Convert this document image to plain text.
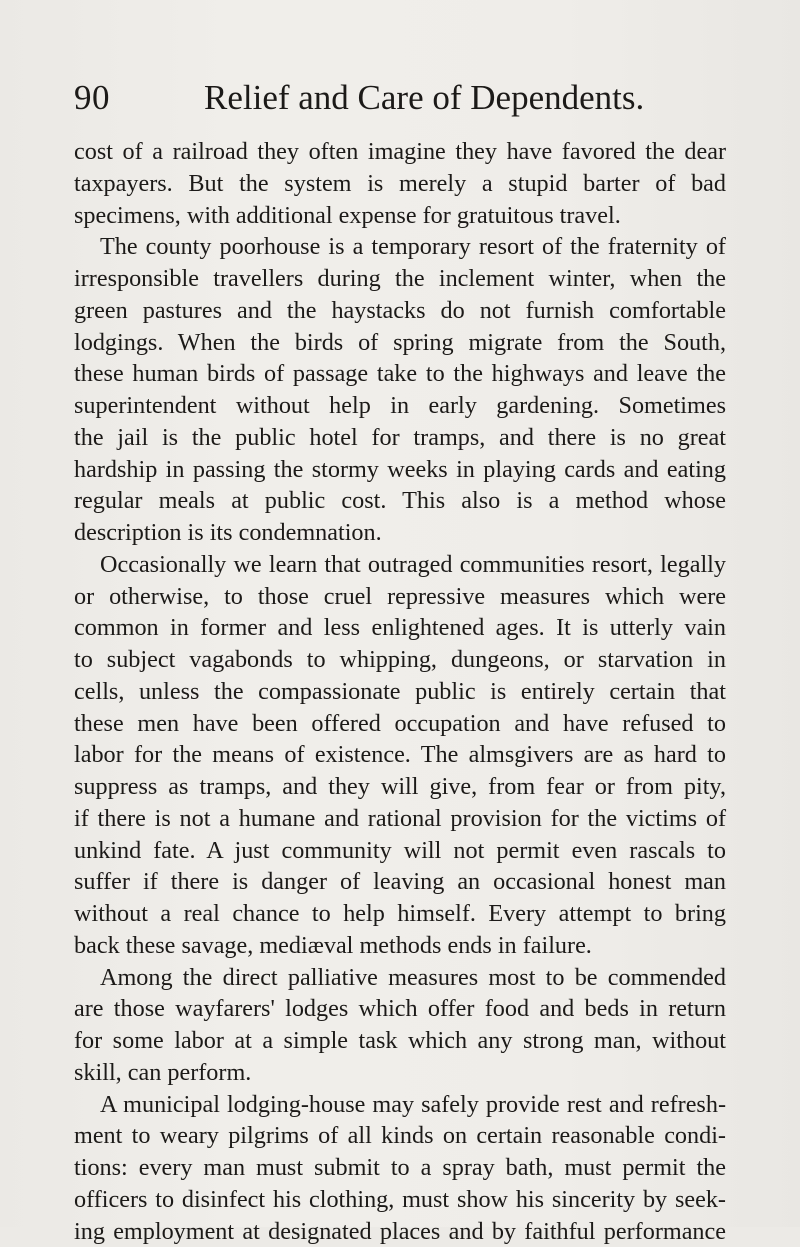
90	Relief and Care of Dependents.
cost of a railroad they often imagine they have favored the dear
taxpayers. But the system is merely a stupid barter of bad
specimens, with additional expense for gratuitous travel.
The county poorhouse is a temporary resort of the fraternity of
irresponsible travellers during the inclement winter, when the
green pastures and the haystacks do not furnish comfortable
lodgings. When the birds of spring migrate from the South,
these human birds of passage take to the highways and leave the
superintendent without help in early gardening. Sometimes
the jail is the public hotel for tramps, and there is no great
hardship in passing the stormy weeks in playing cards and eating
regular meals at public cost. This also is a method whose
description is its condemnation.
Occasionally we learn that outraged communities resort, legally
or otherwise, to those cruel repressive measures which were
common in former and less enlightened ages. It is utterly vain
to subject vagabonds to whipping, dungeons, or starvation in
cells, unless the compassionate public is entirely certain that
these men have been offered occupation and have refused to
labor for the means of existence. The almsgivers are as hard to
suppress as tramps, and they will give, from fear or from pity,
if there is not a humane and rational provision for the victims of
unkind fate. A just community will not permit even rascals to
suffer if there is danger of leaving an occasional honest man
without a real chance to help himself. Every attempt to bring
back these savage, mediæval methods ends in failure.
Among the direct palliative measures most to be commended
are those wayfarers' lodges which offer food and beds in return
for some labor at a simple task which any strong man, without
skill, can perform.
A municipal lodging-house may safely provide rest and refresh-
ment to weary pilgrims of all kinds on certain reasonable condi-
tions: every man must submit to a spray bath, must permit the
officers to disinfect his clothing, must show his sincerity by seek-
ing employment at designated places and by faithful performance
